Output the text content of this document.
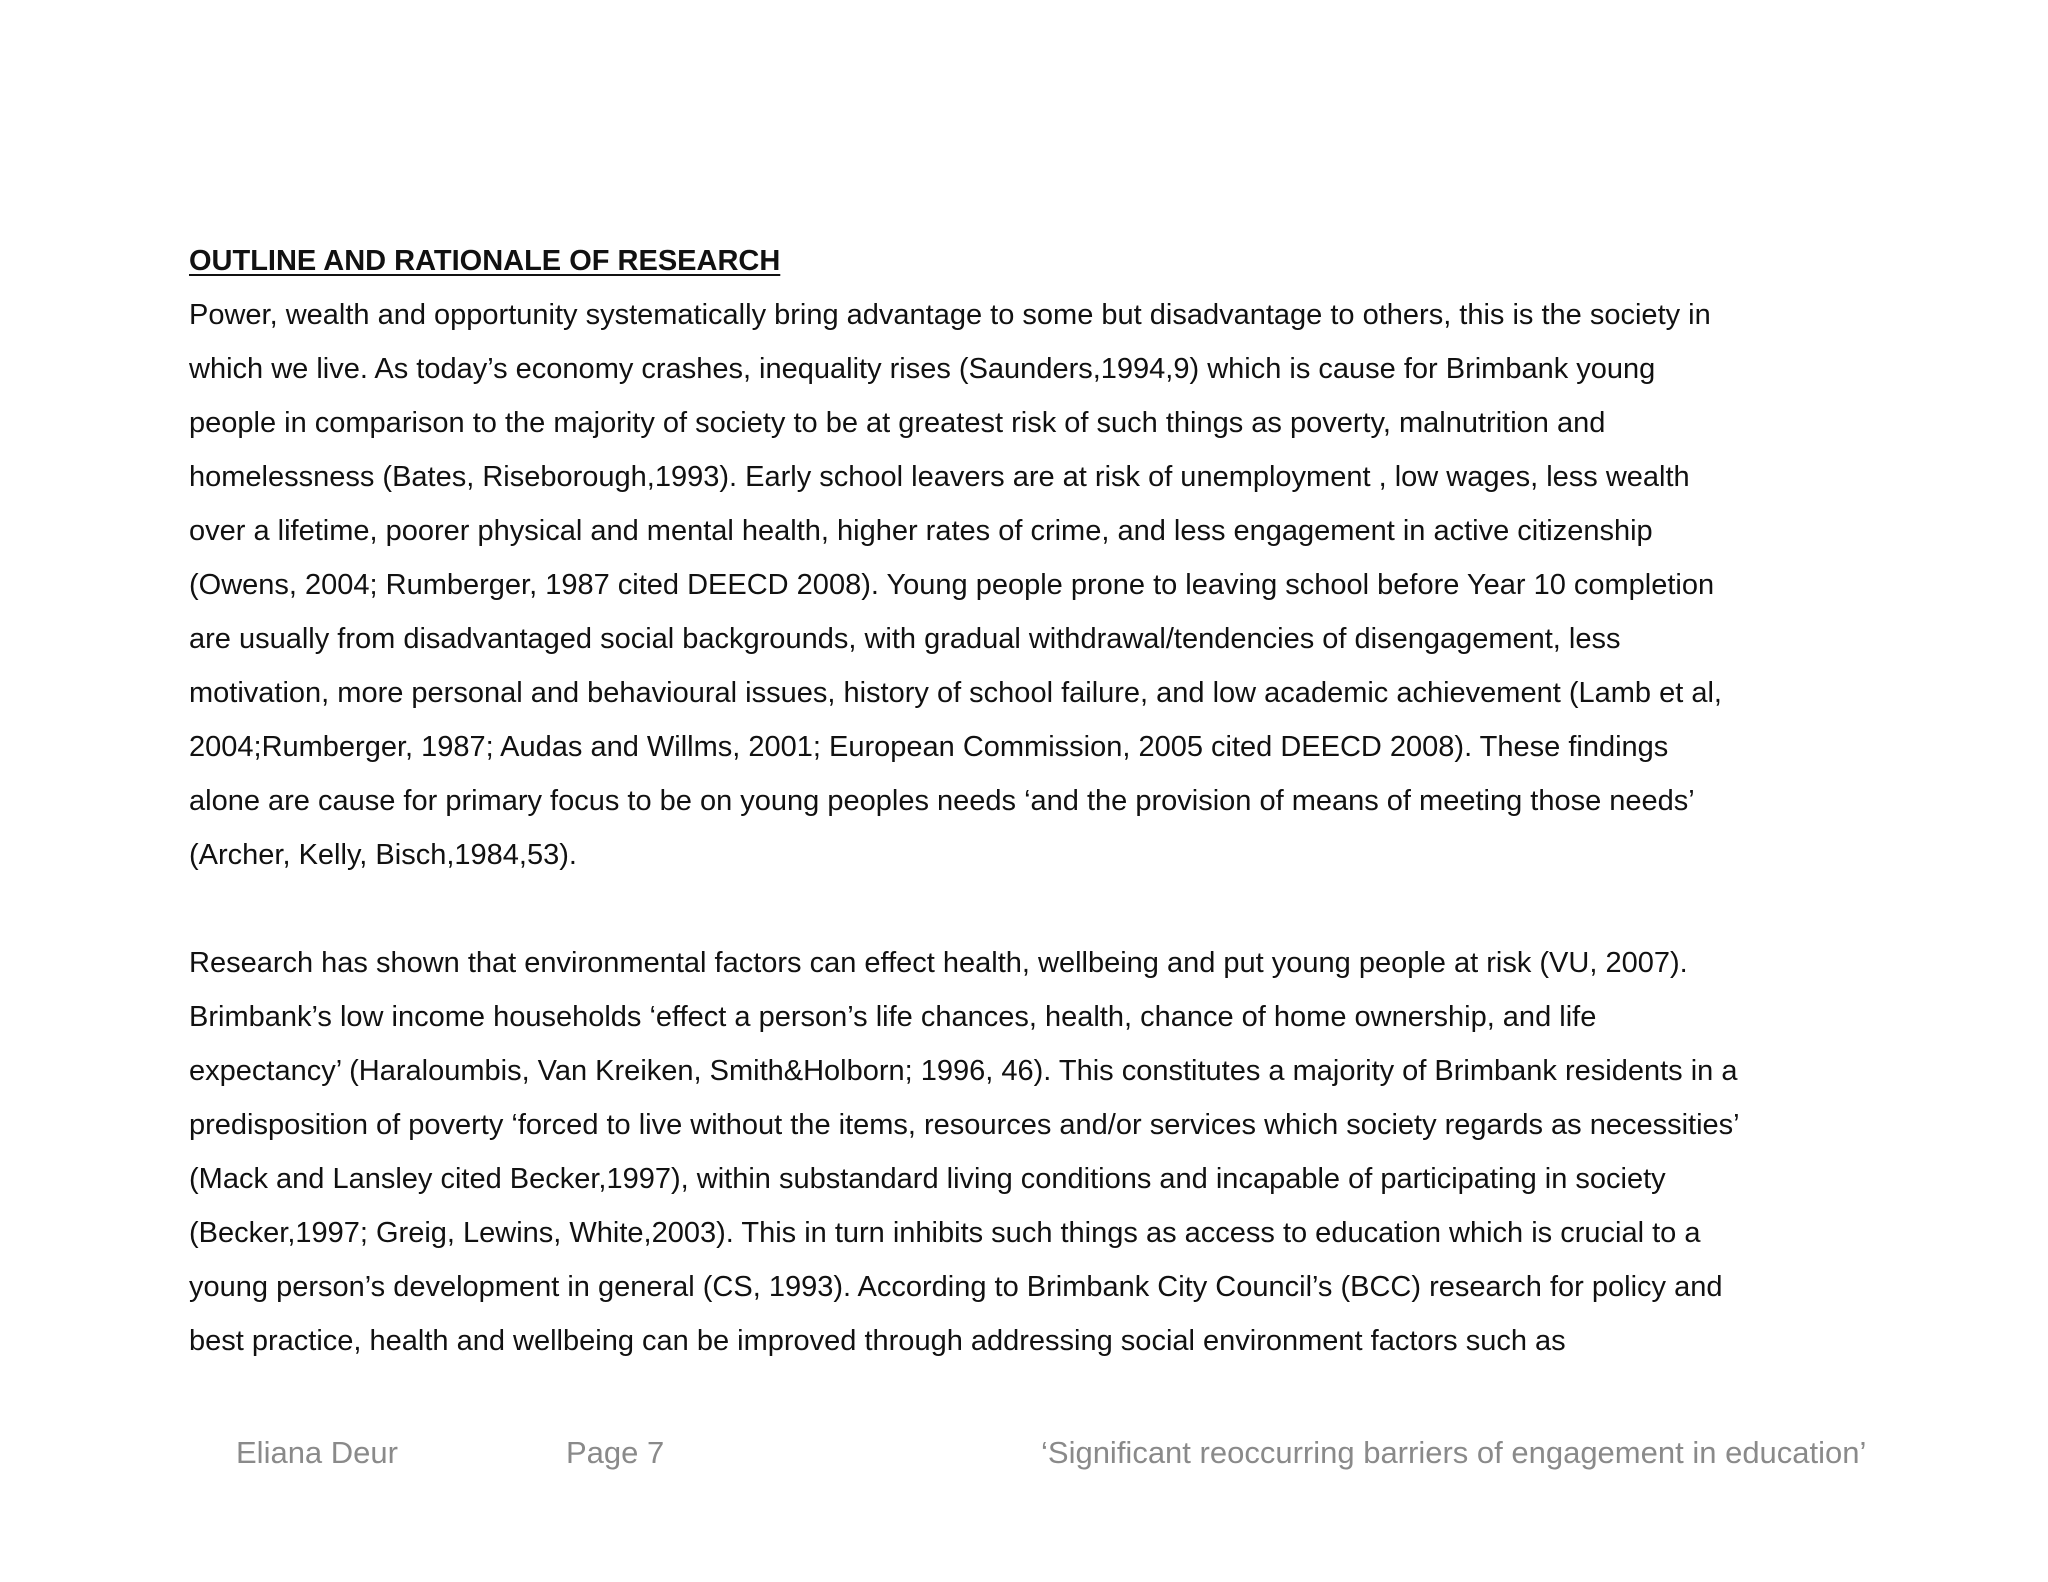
OUTLINE AND RATIONALE OF RESEARCH
Power, wealth and opportunity systematically bring advantage to some but disadvantage to others, this is the society in
which we live. As today’s economy crashes, inequality rises (Saunders,1994,9) which is cause for Brimbank young
people in comparison to the majority of society to be at greatest risk of such things as poverty, malnutrition and
homelessness (Bates, Riseborough,1993). Early school leavers are at risk of unemployment , low wages, less wealth
over a lifetime, poorer physical and mental health, higher rates of crime, and less engagement in active citizenship
(Owens, 2004; Rumberger, 1987 cited DEECD 2008). Young people prone to leaving school before Year 10 completion
are usually from disadvantaged social backgrounds, with gradual withdrawal/tendencies of disengagement, less
motivation, more personal and behavioural issues, history of school failure, and low academic achievement (Lamb et al,
2004;Rumberger, 1987; Audas and Willms, 2001; European Commission, 2005 cited DEECD 2008). These findings
alone are cause for primary focus to be on young peoples needs ‘and the provision of means of meeting those needs’
(Archer, Kelly, Bisch,1984,53).
Research has shown that environmental factors can effect health, wellbeing and put young people at risk (VU, 2007).
Brimbank’s low income households ‘effect a person’s life chances, health, chance of home ownership, and life
expectancy’ (Haraloumbis, Van Kreiken, Smith&Holborn; 1996, 46). This constitutes a majority of Brimbank residents in a
predisposition of poverty ‘forced to live without the items, resources and/or services which society regards as necessities’
(Mack and Lansley cited Becker,1997), within substandard living conditions and incapable of participating in society
(Becker,1997; Greig, Lewins, White,2003). This in turn inhibits such things as access to education which is crucial to a
young person’s development in general (CS, 1993). According to Brimbank City Council’s (BCC) research for policy and
best practice, health and wellbeing can be improved through addressing social environment factors such as
Eliana Deur	Page 7	‘Significant reoccurring barriers of engagement in education’
